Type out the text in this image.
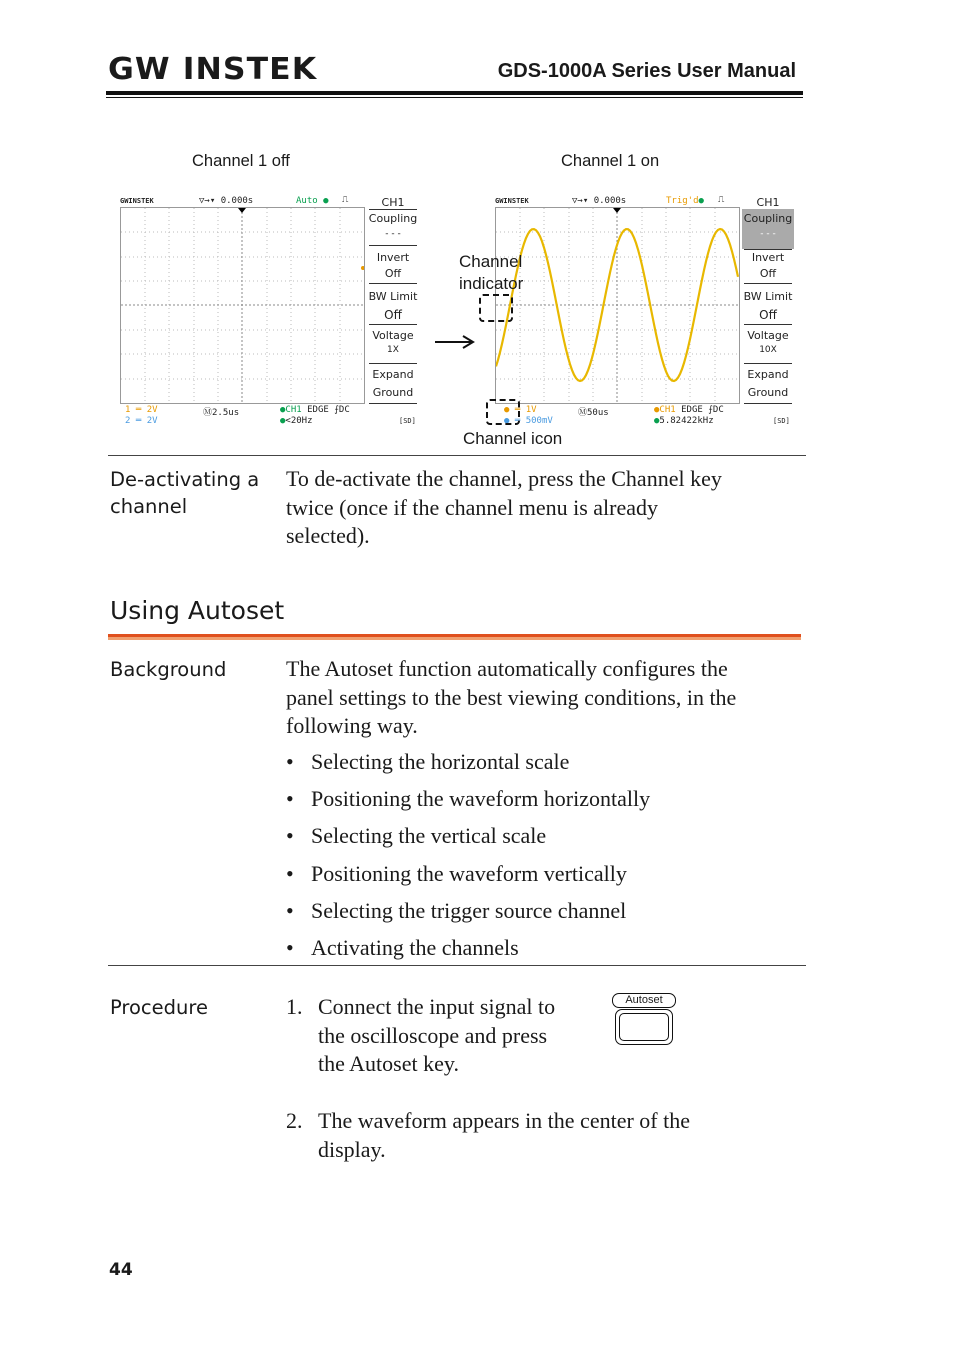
GW INSTEK	GDS-1000A Series User Manual
Channel 1 off	Channel 1 on
GWINSTEK	▽→▾ 0.000s	Auto ● ⎍	CH1
Coupling
- - -
Invert
Off
BW Limit
Off
Voltage
1X
Expand
Ground
1 ═ 2V
2 ═ 2V
Ⓜ2.5us	●CH1 EDGE ⨍DC
●<20Hz	[SD]
GWINSTEK	▽→▾ 0.000s	Trig'd● ⎍	CH1
Coupling
- - -
Invert
Off
BW Limit
Off
Voltage
10X
Expand
Ground
● ═ 1V
● ═ 500mV
Ⓜ50us	●CH1 EDGE ⨍DC
●5.82422kHz	[SD]
Channel
indicator
Channel icon
De-activating a
channel
To de-activate the channel, press the Channel key
twice (once if the channel menu is already
selected).
Using Autoset
Background	The Autoset function automatically configures the
panel settings to the best viewing conditions, in the
following way.
• Selecting the horizontal scale
• Positioning the waveform horizontally
• Selecting the vertical scale
• Positioning the waveform vertically
• Selecting the trigger source channel
• Activating the channels
Procedure	1. Connect the input signal to
the oscilloscope and press
the Autoset key.
Autoset
2. The waveform appears in the center of the
display.
44
